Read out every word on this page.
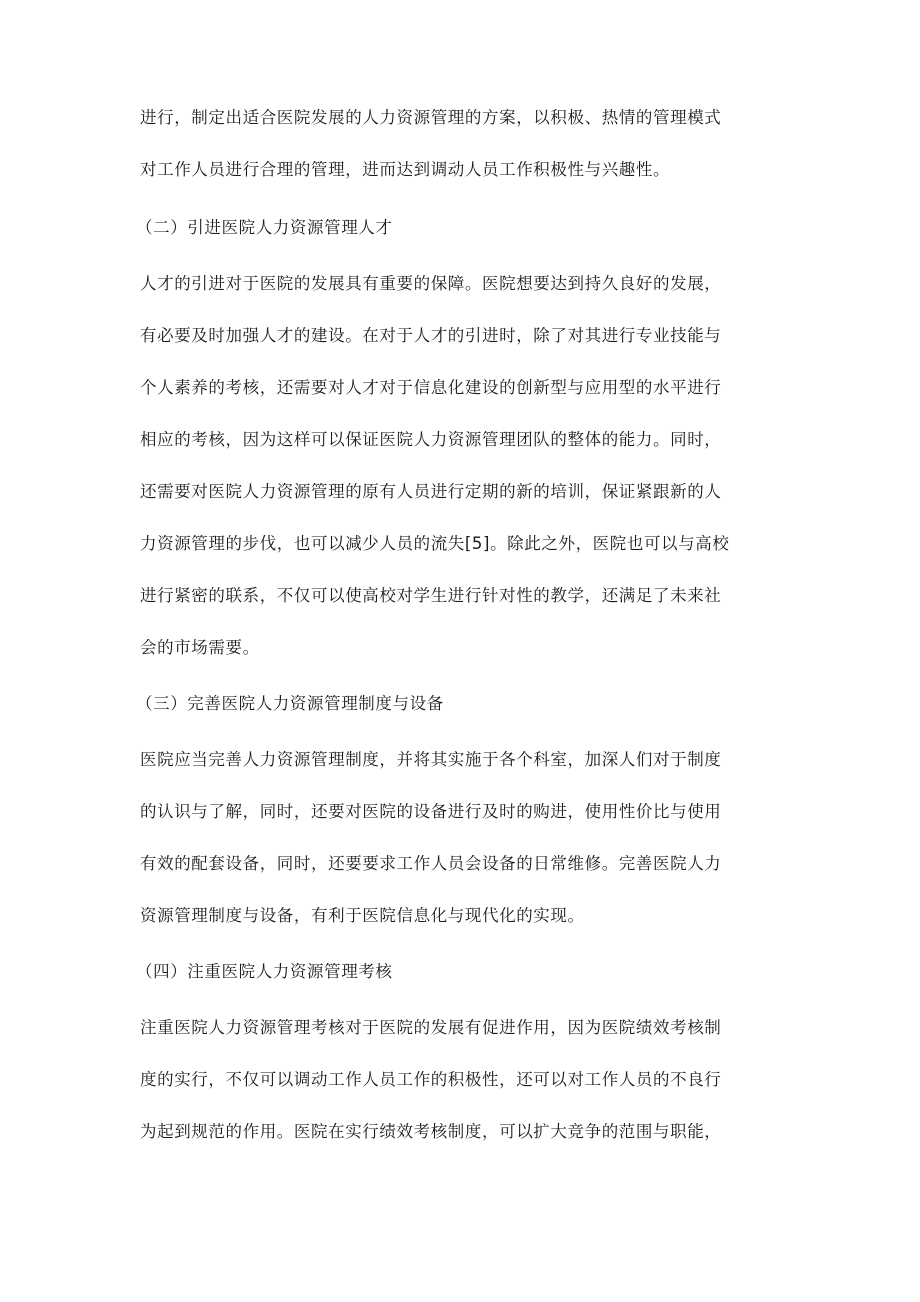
进行，制定出适合医院发展的人力资源管理的方案，以积极、热情的管理模式
对工作人员进行合理的管理，进而达到调动人员工作积极性与兴趣性。
（二）引进医院人力资源管理人才
人才的引进对于医院的发展具有重要的保障。医院想要达到持久良好的发展，
有必要及时加强人才的建设。在对于人才的引进时，除了对其进行专业技能与
个人素养的考核，还需要对人才对于信息化建设的创新型与应用型的水平进行
相应的考核，因为这样可以保证医院人力资源管理团队的整体的能力。同时，
还需要对医院人力资源管理的原有人员进行定期的新的培训，保证紧跟新的人
力资源管理的步伐，也可以减少人员的流失[5]。除此之外，医院也可以与高校
进行紧密的联系，不仅可以使高校对学生进行针对性的教学，还满足了未来社
会的市场需要。
（三）完善医院人力资源管理制度与设备
医院应当完善人力资源管理制度，并将其实施于各个科室，加深人们对于制度
的认识与了解，同时，还要对医院的设备进行及时的购进，使用性价比与使用
有效的配套设备，同时，还要要求工作人员会设备的日常维修。完善医院人力
资源管理制度与设备，有利于医院信息化与现代化的实现。
（四）注重医院人力资源管理考核
注重医院人力资源管理考核对于医院的发展有促进作用，因为医院绩效考核制
度的实行，不仅可以调动工作人员工作的积极性，还可以对工作人员的不良行
为起到规范的作用。医院在实行绩效考核制度，可以扩大竞争的范围与职能，
